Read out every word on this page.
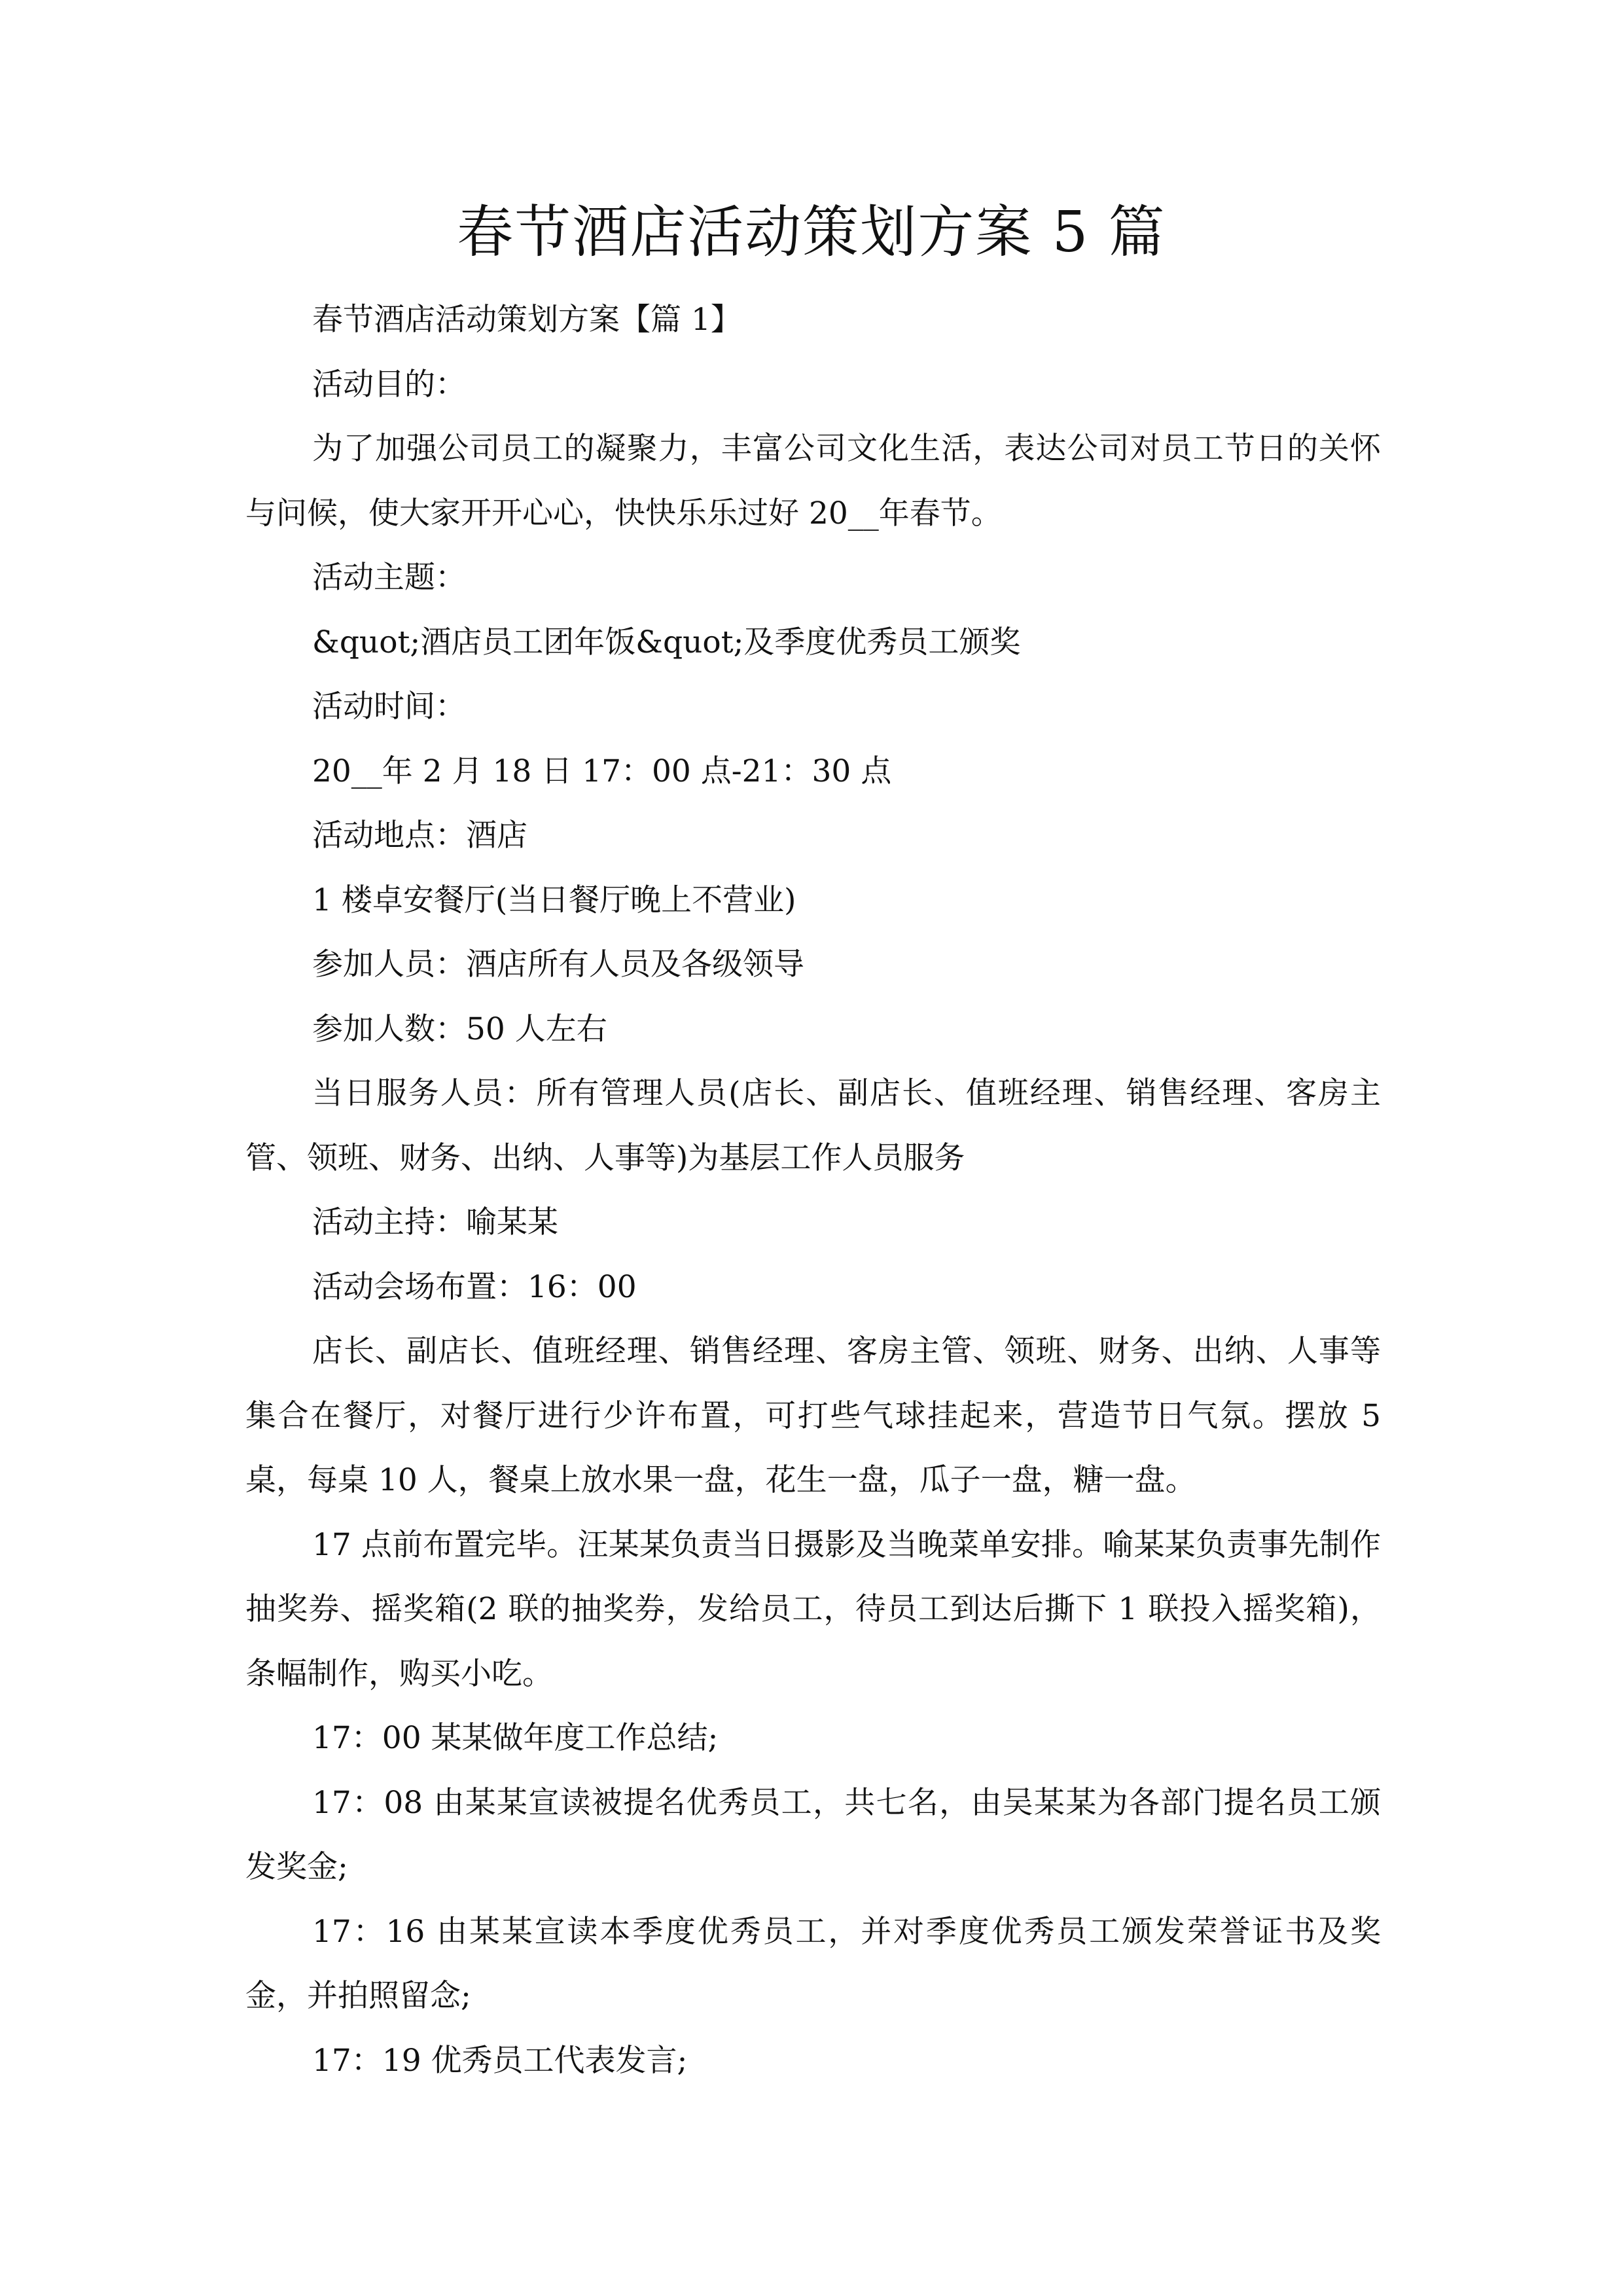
春节酒店活动策划方案 5 篇

春节酒店活动策划方案【篇 1】

活动目的：

为了加强公司员工的凝聚力，丰富公司文化生活，表达公司对员工节日的关怀与问候，使大家开开心心，快快乐乐过好 20__年春节。

活动主题：

&quot;酒店员工团年饭&quot;及季度优秀员工颁奖

活动时间：

20__年 2 月 18 日 17：00 点-21：30 点

活动地点：酒店

1 楼卓安餐厅(当日餐厅晚上不营业)

参加人员：酒店所有人员及各级领导

参加人数：50 人左右

当日服务人员：所有管理人员(店长、副店长、值班经理、销售经理、客房主管、领班、财务、出纳、人事等)为基层工作人员服务

活动主持：喻某某

活动会场布置：16：00

店长、副店长、值班经理、销售经理、客房主管、领班、财务、出纳、人事等集合在餐厅，对餐厅进行少许布置，可打些气球挂起来，营造节日气氛。摆放 5 桌，每桌 10 人，餐桌上放水果一盘，花生一盘，瓜子一盘，糖一盘。

17 点前布置完毕。汪某某负责当日摄影及当晚菜单安排。喻某某负责事先制作抽奖券、摇奖箱(2 联的抽奖券，发给员工，待员工到达后撕下 1 联投入摇奖箱)，条幅制作，购买小吃。

17：00 某某做年度工作总结;

17：08 由某某宣读被提名优秀员工，共七名，由吴某某为各部门提名员工颁发奖金;

17：16 由某某宣读本季度优秀员工，并对季度优秀员工颁发荣誉证书及奖金，并拍照留念;

17：19 优秀员工代表发言;
